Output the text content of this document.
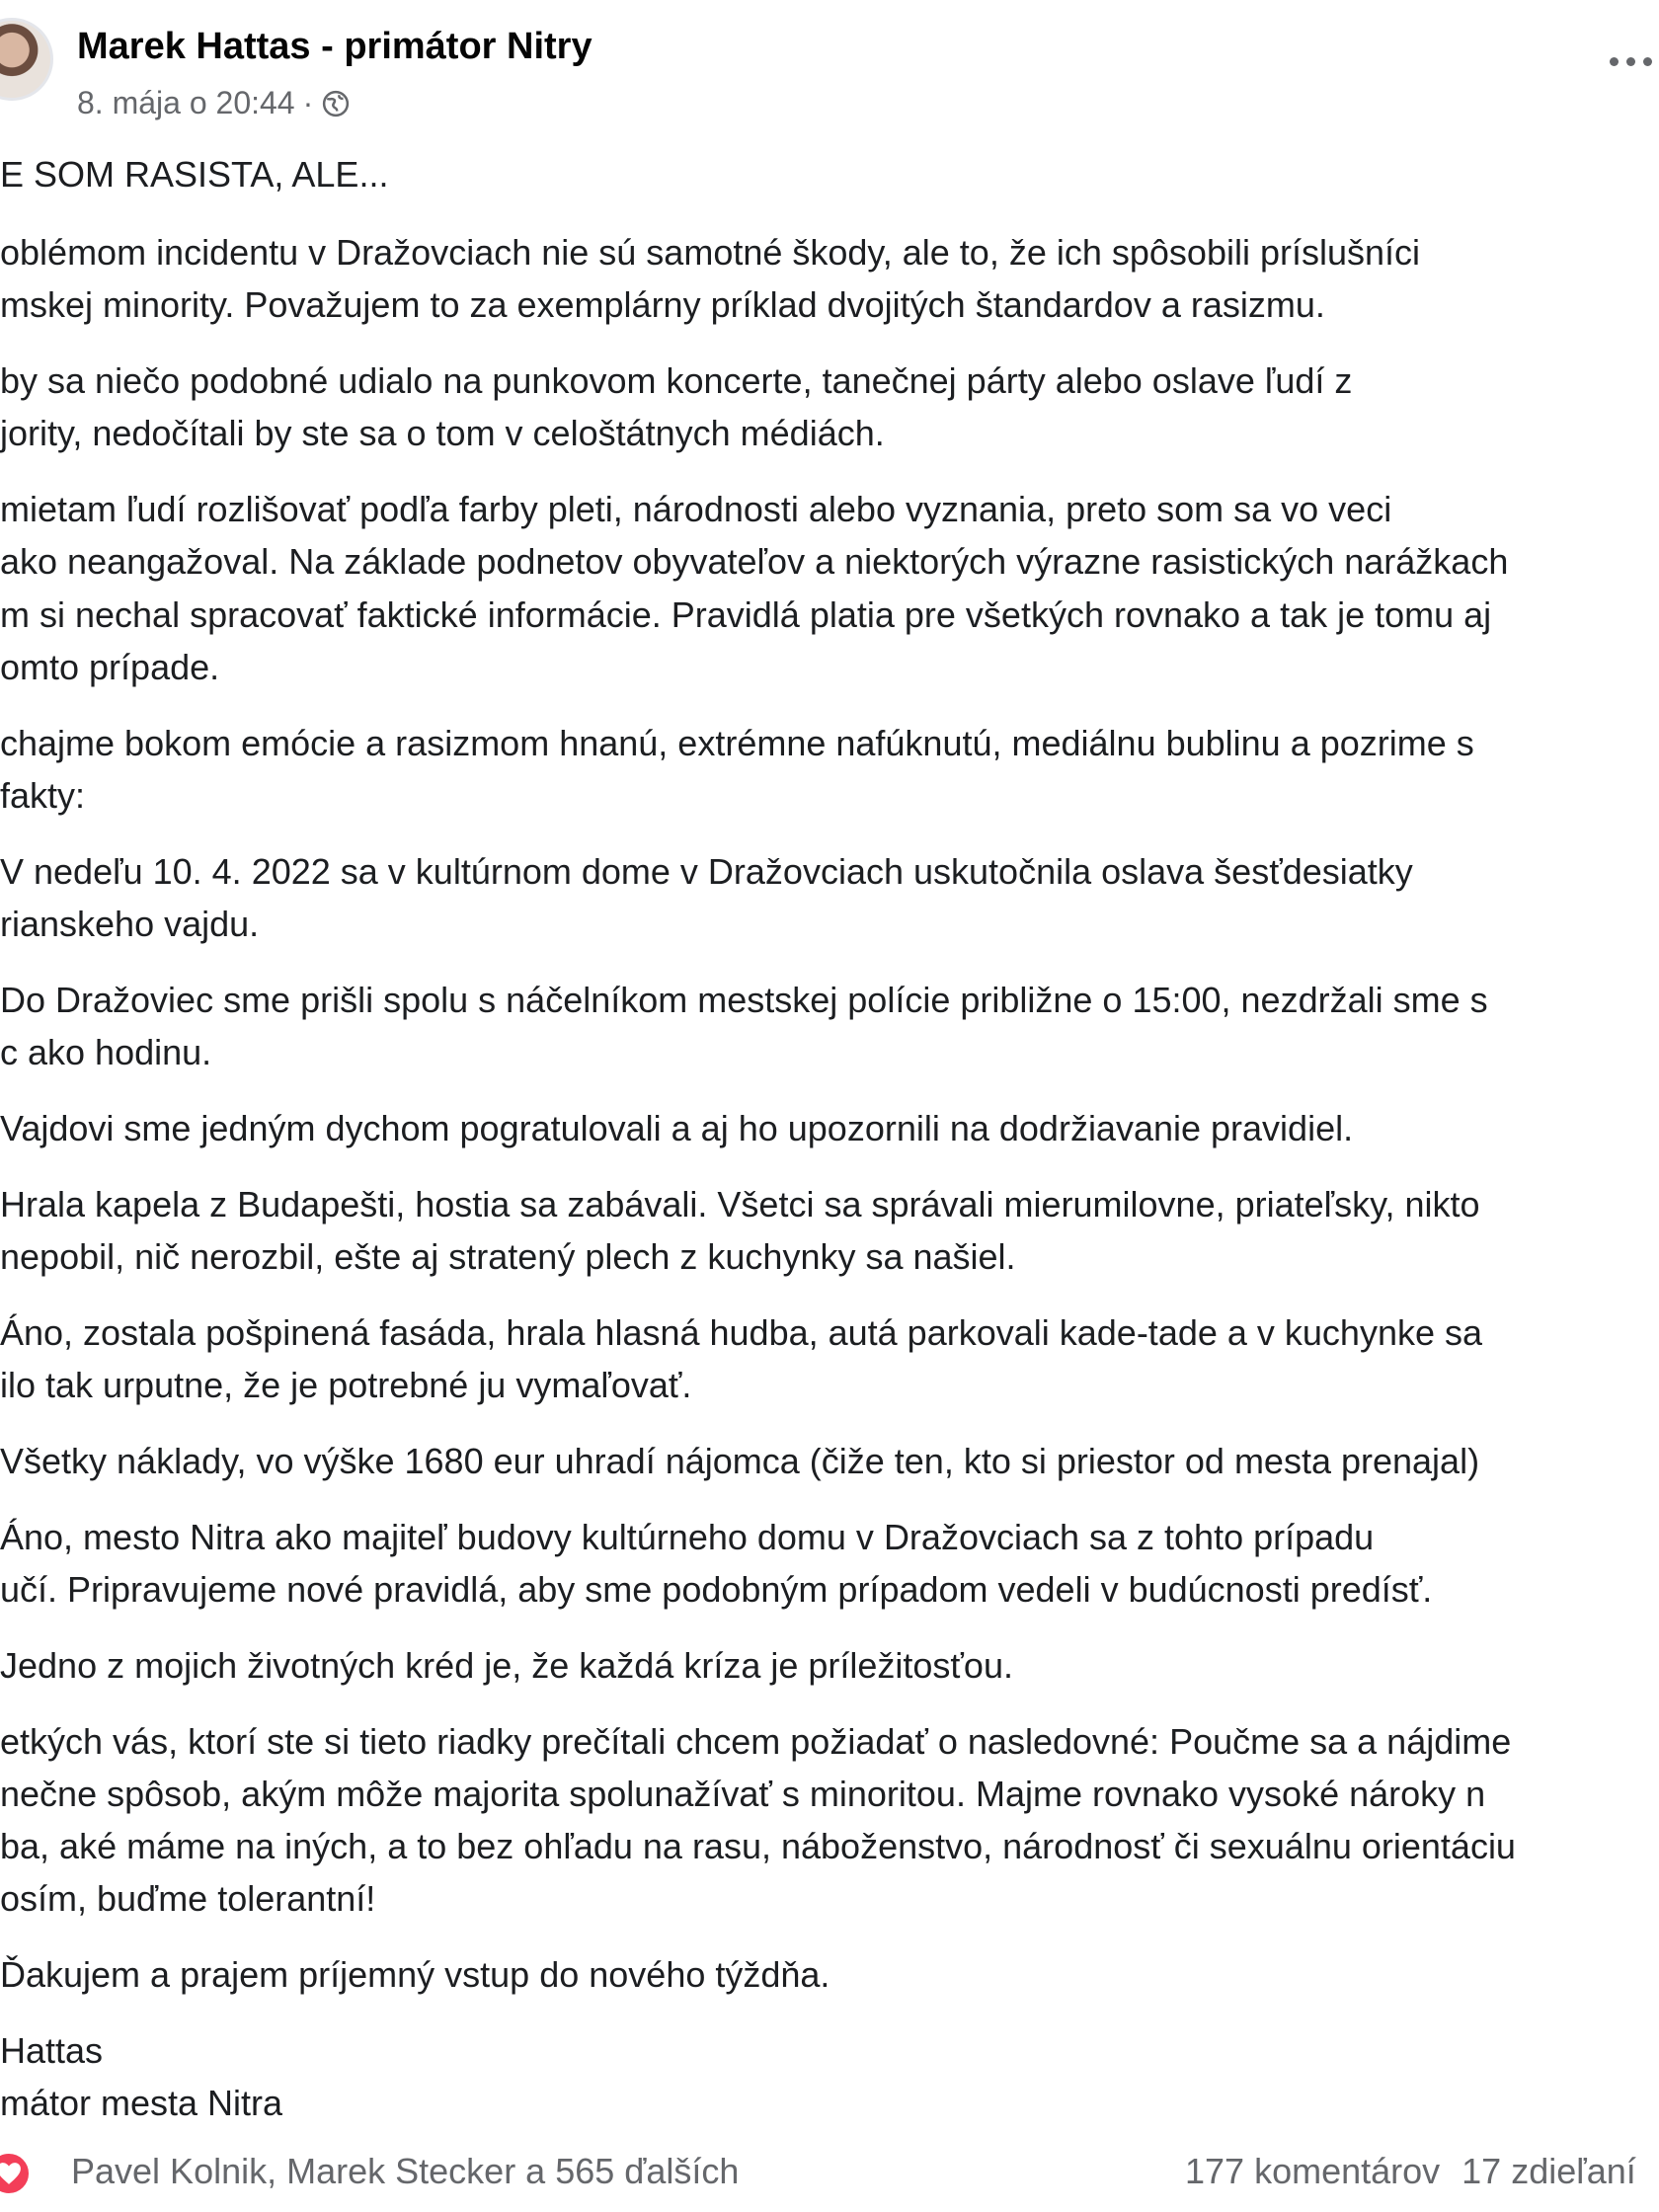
Marek Hattas - primátor Nitry
8. mája o 20:44 ·
E SOM RASISTA, ALE...
oblémom incidentu v Dražovciach nie sú samotné škody, ale to, že ich spôsobili príslušníci
mskej minority. Považujem to za exemplárny príklad dvojitých štandardov a rasizmu.
by sa niečo podobné udialo na punkovom koncerte, tanečnej párty alebo oslave ľudí z
jority, nedočítali by ste sa o tom v celoštátnych médiách.
mietam ľudí rozlišovať podľa farby pleti, národnosti alebo vyznania, preto som sa vo veci
ako neangažoval. Na základe podnetov obyvateľov a niektorých výrazne rasistických narážkach
m si nechal spracovať faktické informácie. Pravidlá platia pre všetkých rovnako a tak je tomu aj
omto prípade.
chajme bokom emócie a rasizmom hnanú, extrémne nafúknutú, mediálnu bublinu a pozrime s
fakty:
V nedeľu 10. 4. 2022 sa v kultúrnom dome v Dražovciach uskutočnila oslava šesťdesiatky
rianskeho vajdu.
Do Dražoviec sme prišli spolu s náčelníkom mestskej polície približne o 15:00, nezdržali sme s
c ako hodinu.
Vajdovi sme jedným dychom pogratulovali a aj ho upozornili na dodržiavanie pravidiel.
Hrala kapela z Budapešti, hostia sa zabávali. Všetci sa správali mierumilovne, priateľsky, nikto
nepobil, nič nerozbil, ešte aj stratený plech z kuchynky sa našiel.
Áno, zostala pošpinená fasáda, hrala hlasná hudba, autá parkovali kade-tade a v kuchynke sa
ilo tak urputne, že je potrebné ju vymaľovať.
Všetky náklady, vo výške 1680 eur uhradí nájomca (čiže ten, kto si priestor od mesta prenajal)
Áno, mesto Nitra ako majiteľ budovy kultúrneho domu v Dražovciach sa z tohto prípadu
učí. Pripravujeme nové pravidlá, aby sme podobným prípadom vedeli v budúcnosti predísť.
Jedno z mojich životných kréd je, že každá kríza je príležitosťou.
etkých vás, ktorí ste si tieto riadky prečítali chcem požiadať o nasledovné: Poučme sa a nájdime
nečne spôsob, akým môže majorita spolunažívať s minoritou. Majme rovnako vysoké nároky n
ba, aké máme na iných, a to bez ohľadu na rasu, náboženstvo, národnosť či sexuálnu orientáciu
osím, buďme tolerantní!
Ďakujem a prajem príjemný vstup do nového týždňa.
Hattas
mátor mesta Nitra
Pavel Kolnik, Marek Stecker a 565 ďalších	177 komentárov 17 zdieľaní
